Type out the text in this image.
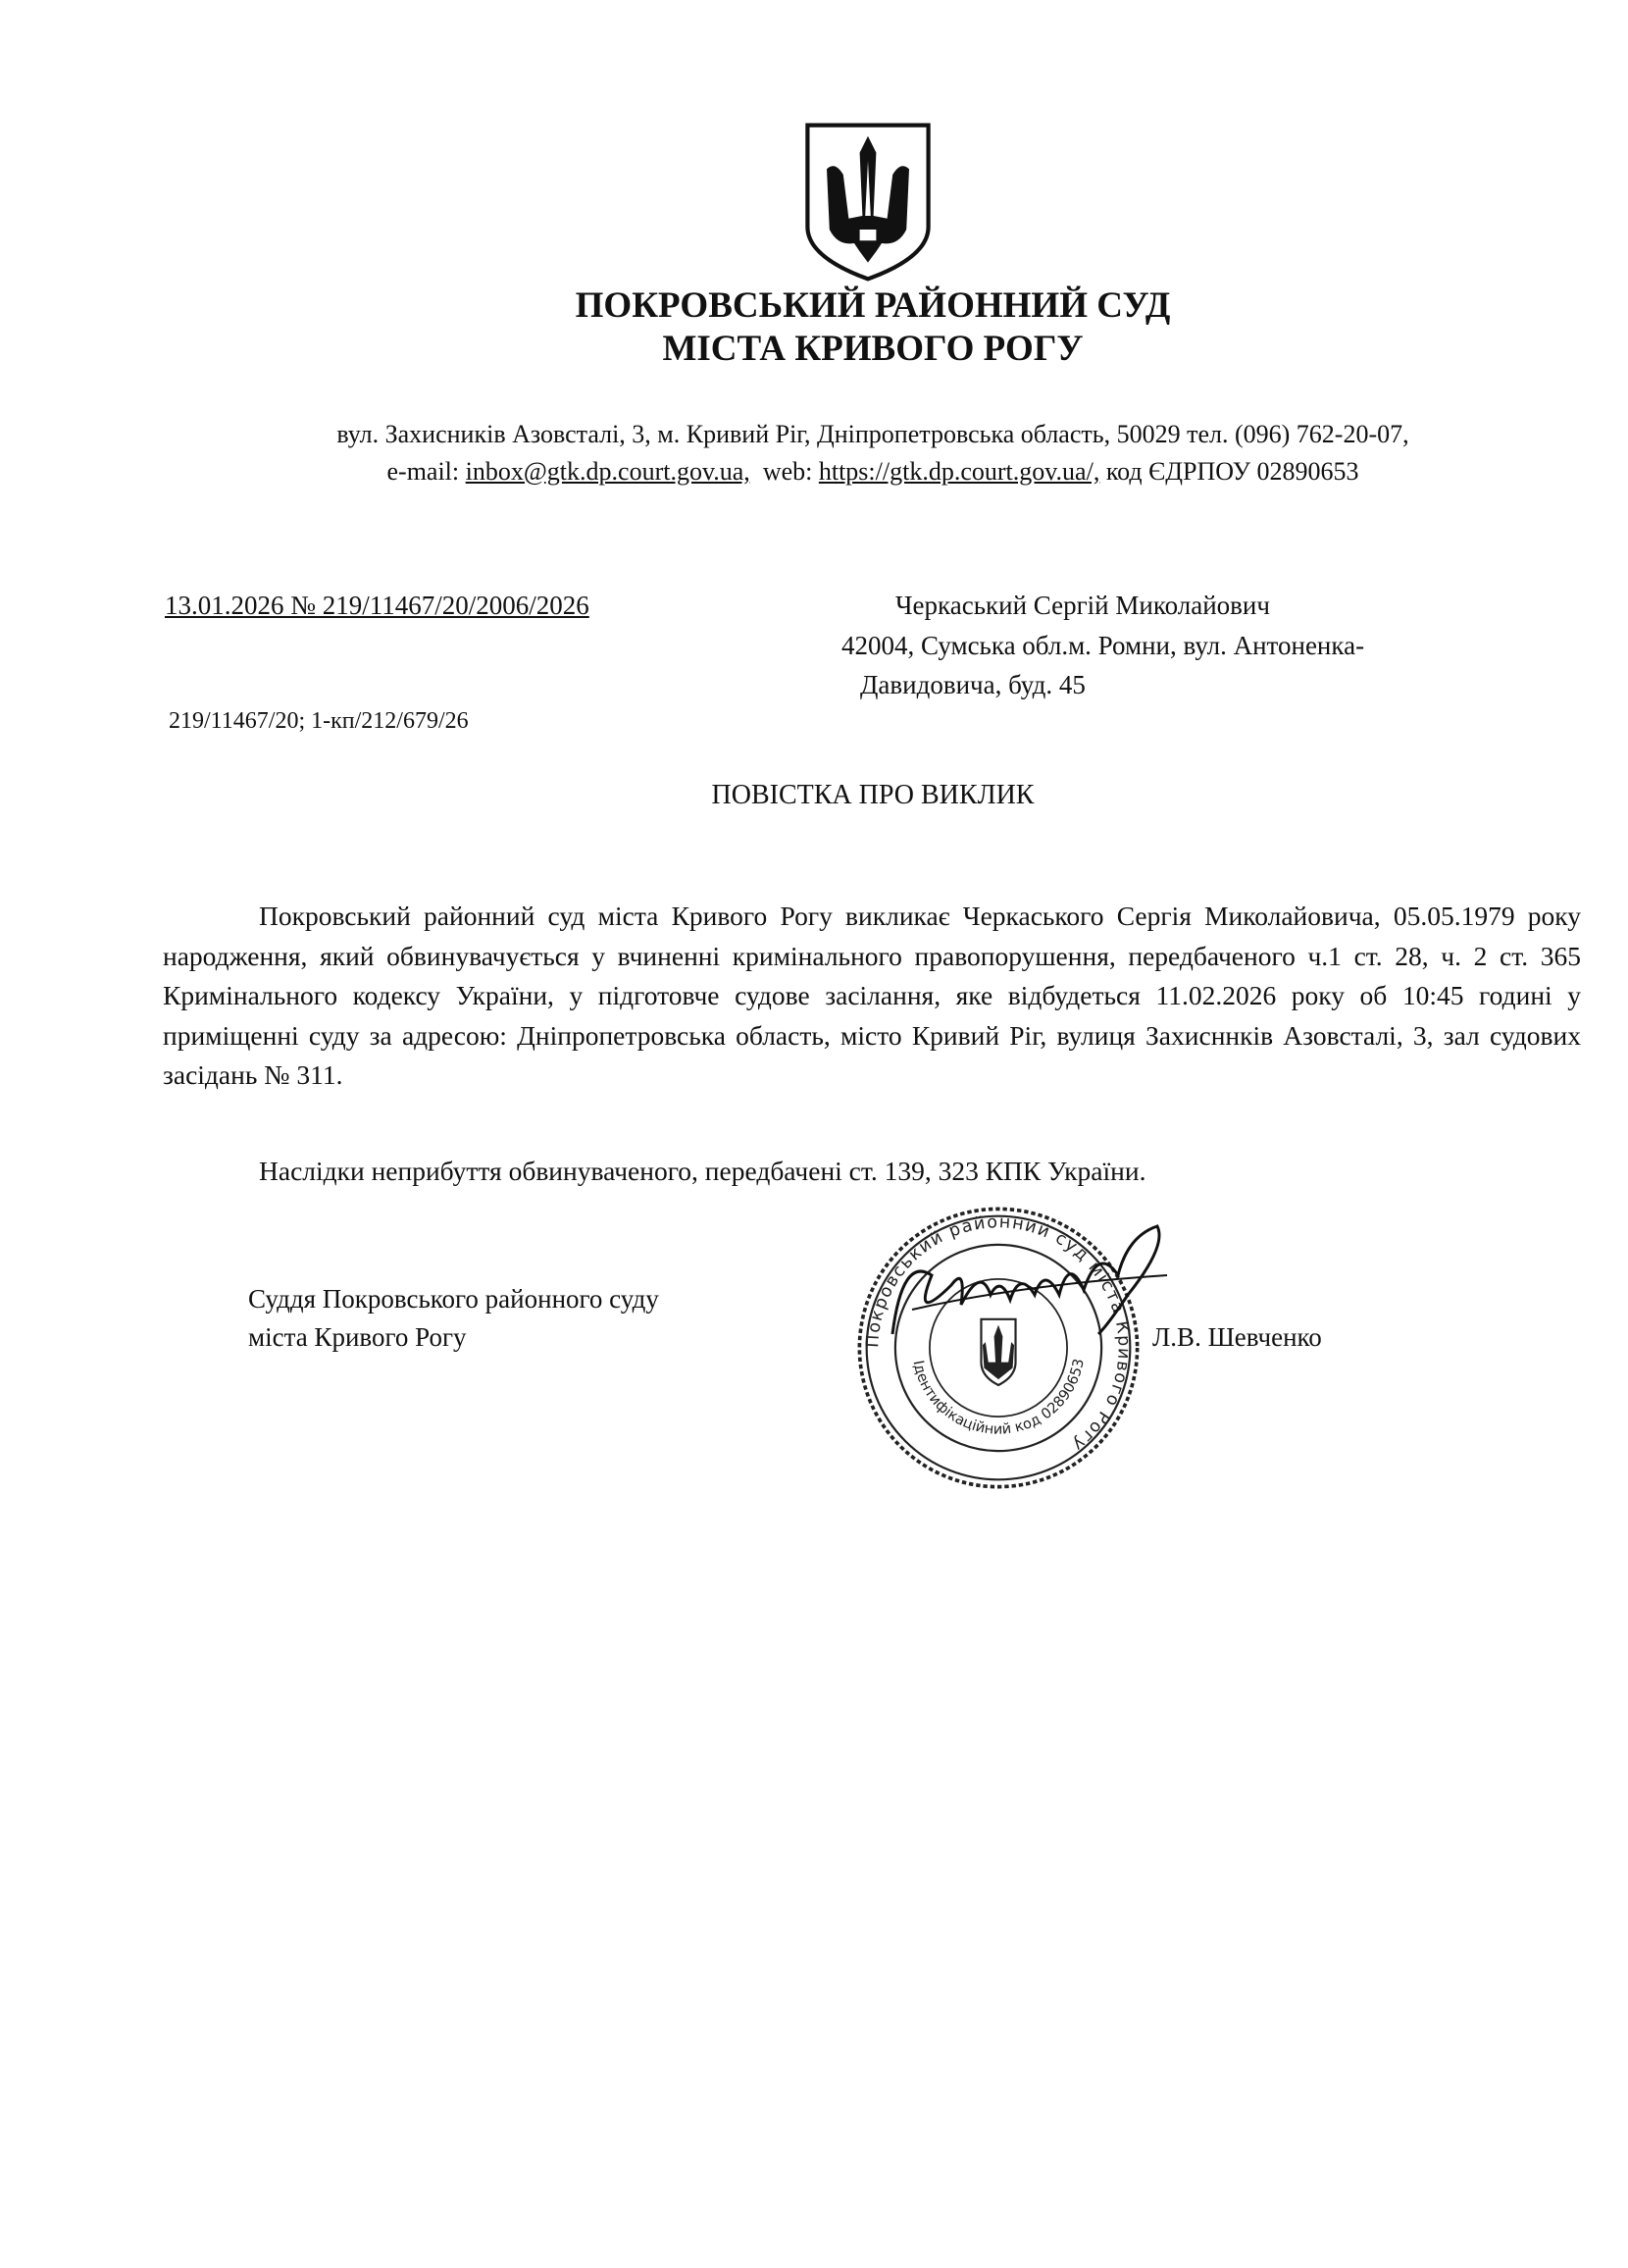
ПОКРОВСЬКИЙ РАЙОННИЙ СУД
МІСТА КРИВОГО РОГУ
вул. Захисників Азовсталі, 3, м. Кривий Ріг, Дніпропетровська область, 50029 тел. (096) 762-20-07,
e-mail: inbox@gtk.dp.court.gov.ua, web: https://gtk.dp.court.gov.ua/, код ЄДРПОУ 02890653
13.01.2026 № 219/11467/20/2006/2026
219/11467/20; 1-кп/212/679/26
Черкаський Сергій Миколайович
42004, Сумська обл.м. Ромни, вул. Антоненка-
Давидовича, буд. 45
ПОВІСТКА ПРО ВИКЛИК
Покровський районний суд міста Кривого Рогу викликає Черкаського Сергія Миколайовича, 05.05.1979 року народження, який обвинувачується у вчиненні кримінального правопорушення, передбаченого ч.1 ст. 28, ч. 2 ст. 365 Кримінального кодексу України, у підготовче судове засілання, яке відбудеться 11.02.2026 року об 10:45 годині у приміщенні суду за адресою: Дніпропетровська область, місто Кривий Ріг, вулиця Захисннків Азовсталі, 3, зал судових засідань № 311.
Наслідки неприбуття обвинуваченого, передбачені ст. 139, 323 КПК України.
Суддя Покровського районного суду
міста Кривого Рогу	Покровський районний суд міста Кривого Рогу
Ідентифікаційний код 02890653
Л.В. Шевченко
